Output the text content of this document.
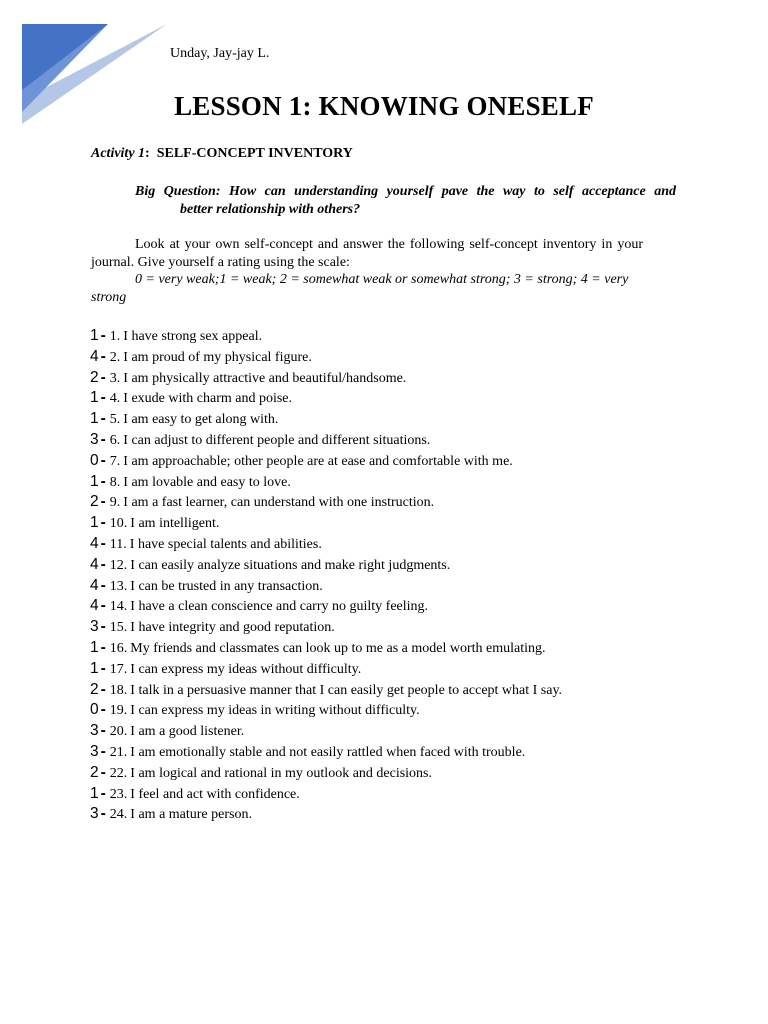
Unday, Jay-jay L.
LESSON 1: KNOWING ONESELF
Activity 1: SELF-CONCEPT INVENTORY

Big Question: How can understanding yourself pave the way to self acceptance and

better relationship with others?

Look at your own self-concept and answer the following self-concept inventory in your journal. Give yourself a rating using the scale:

0 = very weak;1 = weak; 2 = somewhat weak or somewhat strong; 3 = strong; 4 = very strong

1 - 1. I have strong sex appeal.
4 - 2. I am proud of my physical figure.
2 - 3. I am physically attractive and beautiful/handsome.
1 - 4. I exude with charm and poise.
1 - 5. I am easy to get along with.
3 - 6. I can adjust to different people and different situations.
0 - 7. I am approachable; other people are at ease and comfortable with me.
1 - 8. I am lovable and easy to love.
2 - 9. I am a fast learner, can understand with one instruction.
1 - 10. I am intelligent.
4 - 11. I have special talents and abilities.
4 - 12. I can easily analyze situations and make right judgments.
4 - 13. I can be trusted in any transaction.
4 - 14. I have a clean conscience and carry no guilty feeling.
3 - 15. I have integrity and good reputation.
1 - 16. My friends and classmates can look up to me as a model worth emulating.
1 - 17. I can express my ideas without difficulty.
2 - 18. I talk in a persuasive manner that I can easily get people to accept what I say.
0 - 19. I can express my ideas in writing without difficulty.
3 - 20. I am a good listener.
3 - 21. I am emotionally stable and not easily rattled when faced with trouble.
2 - 22. I am logical and rational in my outlook and decisions.
1 - 23. I feel and act with confidence.
3 - 24. I am a mature person.
